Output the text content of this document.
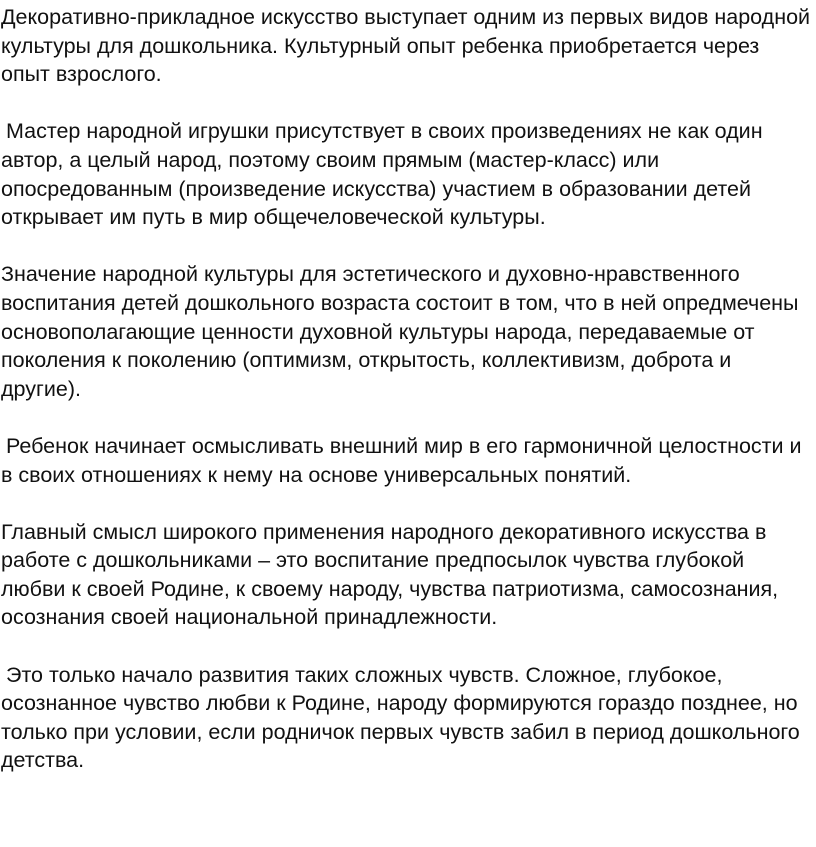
Декоративно-прикладное искусство выступает одним из первых видов народной культуры для дошкольника. Культурный опыт ребенка приобретается через опыт взрослого.

Мастер народной игрушки присутствует в своих произведениях не как один автор, а целый народ, поэтому своим прямым (мастер-класс) или опосредованным (произведение искусства) участием в образовании детей открывает им путь в мир общечеловеческой культуры.

Значение народной культуры для эстетического и духовно-нравственного воспитания детей дошкольного возраста состоит в том, что в ней опредмечены основополагающие ценности духовной культуры народа, передаваемые от поколения к поколению (оптимизм, открытость, коллективизм, доброта и другие).

Ребенок начинает осмысливать внешний мир в его гармоничной целостности и в своих отношениях к нему на основе универсальных понятий.

Главный смысл широкого применения народного декоративного искусства в работе с дошкольниками – это воспитание предпосылок чувства глубокой любви к своей Родине, к своему народу, чувства патриотизма, самосознания, осознания своей национальной принадлежности.

Это только начало развития таких сложных чувств. Сложное, глубокое, осознанное чувство любви к Родине, народу формируются гораздо позднее, но только при условии, если родничок первых чувств забил в период дошкольного детства.
